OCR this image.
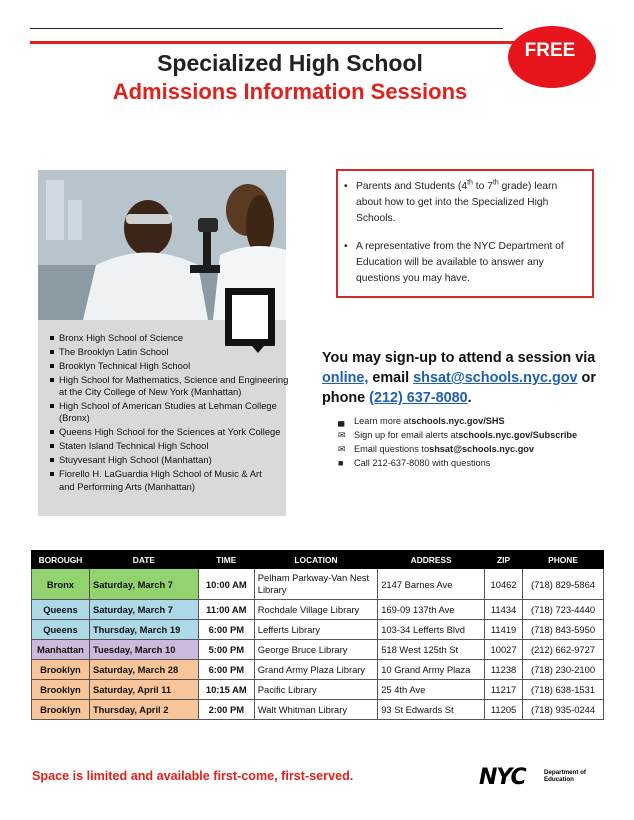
FREE
Specialized High School
Admissions Information Sessions
Bronx High School of Science
The Brooklyn Latin School
Brooklyn Technical High School
High School for Mathematics, Science and Engineering
at the City College of New York (Manhattan)
High School of American Studies at Lehman College
(Bronx)
Queens High School for the Sciences at York College
Staten Island Technical High School
Stuyvesant High School (Manhattan)
Fiorello H. LaGuardia High School of Music & Art
and Performing Arts (Manhattan)
• Parents and Students (4th to 7th grade) learn about how to get into the Specialized High Schools.
• A representative from the NYC Department of Education will be available to answer any questions you may have.
You may sign-up to attend a session via online, email shsat@schools.nyc.gov or phone (212) 637-8080.
▄	Learn more at schools.nyc.gov/SHS
✉ Sign up for email alerts at schools.nyc.gov/Subscribe
✉ Email questions to shsat@schools.nyc.gov
■	Call 212-637-8080 with questions
BOROUGH	DATE	TIME	LOCATION	ADDRESS	ZIP	PHONE
Bronx	Saturday, March 7	10:00 AM	Pelham Parkway-Van Nest Library	2147 Barnes Ave	10462	(718) 829-5864
Queens	Saturday, March 7	11:00 AM	Rochdale Village Library	169-09 137th Ave	11434	(718) 723-4440
Queens	Thursday, March 19	6:00 PM	Lefferts Library	103-34 Lefferts Blvd	11419	(718) 843-5950
Manhattan	Tuesday, March 10	5:00 PM	George Bruce Library	518 West 125th St	10027	(212) 662-9727
Brooklyn	Saturday, March 28	6:00 PM	Grand Army Plaza Library	10 Grand Army Plaza	11238	(718) 230-2100
Brooklyn	Saturday, April 11	10:15 AM	Pacific Library	25 4th Ave	11217	(718) 638-1531
Brooklyn	Thursday, April 2	2:00 PM	Walt Whitman Library	93 St Edwards St	11205	(718) 935-0244
Space is limited and available first-come, first-served.	NYC	Department of Education
